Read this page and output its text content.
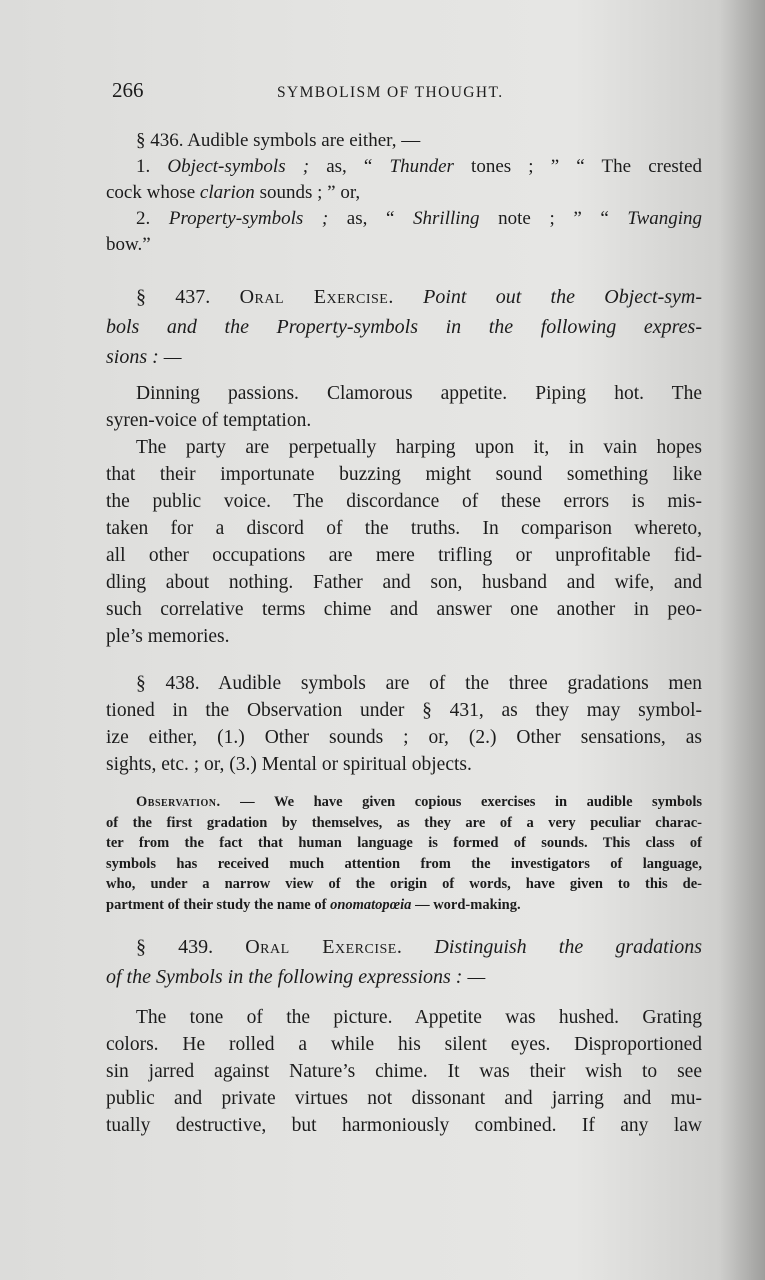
266	SYMBOLISM OF THOUGHT.
§ 436. Audible symbols are either, —
1. Object-symbols ; as, “ Thunder tones ; ” “ The crested
cock whose clarion sounds ; ” or,
2. Property-symbols ; as, “ Shrilling note ; ” “ Twanging
bow.”
§ 437. Oral Exercise. Point out the Object-sym-
bols and the Property-symbols in the following expres-
sions : —
Dinning passions. Clamorous appetite. Piping hot. The
syren-voice of temptation.
The party are perpetually harping upon it, in vain hopes
that their importunate buzzing might sound something like
the public voice. The discordance of these errors is mis-
taken for a discord of the truths. In comparison whereto,
all other occupations are mere trifling or unprofitable fid-
dling about nothing. Father and son, husband and wife, and
such correlative terms chime and answer one another in peo-
ple’s memories.
§ 438. Audible symbols are of the three gradations men
tioned in the Observation under § 431, as they may symbol-
ize either, (1.) Other sounds ; or, (2.) Other sensations, as
sights, etc. ; or, (3.) Mental or spiritual objects.
Observation. — We have given copious exercises in audible symbols
of the first gradation by themselves, as they are of a very peculiar charac-
ter from the fact that human language is formed of sounds. This class of
symbols has received much attention from the investigators of language,
who, under a narrow view of the origin of words, have given to this de-
partment of their study the name of onomatopœia — word-making.
§ 439. Oral Exercise. Distinguish the gradations
of the Symbols in the following expressions : —
The tone of the picture. Appetite was hushed. Grating
colors. He rolled a while his silent eyes. Disproportioned
sin jarred against Nature’s chime. It was their wish to see
public and private virtues not dissonant and jarring and mu-
tually destructive, but harmoniously combined. If any law
